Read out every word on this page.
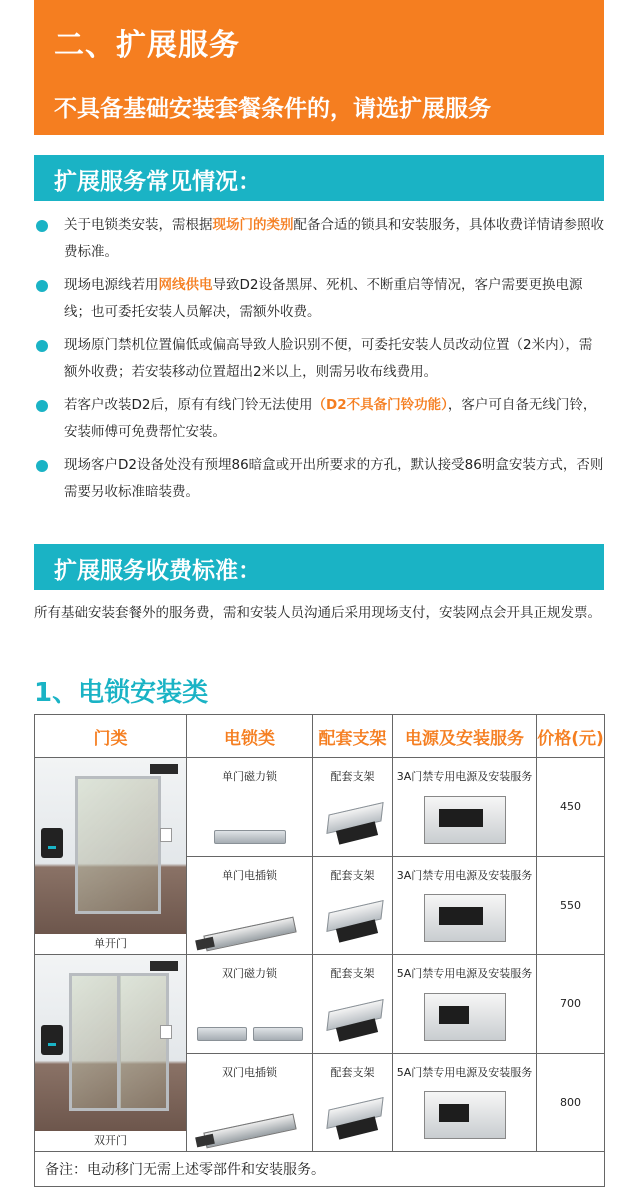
二、扩展服务
不具备基础安装套餐条件的，请选扩展服务
扩展服务常见情况：
关于电锁类安装，需根据现场门的类别配备合适的锁具和安装服务，具体收费详情请参照收费标准。
现场电源线若用网线供电导致D2设备黑屏、死机、不断重启等情况，客户需要更换电源线；也可委托安装人员解决，需额外收费。
现场原门禁机位置偏低或偏高导致人脸识别不便，可委托安装人员改动位置（2米内），需额外收费；若安装移动位置超出2米以上，则需另收布线费用。
若客户改装D2后，原有有线门铃无法使用（D2不具备门铃功能），客户可自备无线门铃，安装师傅可免费帮忙安装。
现场客户D2设备处没有预埋86暗盒或开出所要求的方孔，默认接受86明盒安装方式，否则需要另收标准暗装费。
扩展服务收费标准：
所有基础安装套餐外的服务费，需和安装人员沟通后采用现场支付，安装网点会开具正规发票。
1、电锁安装类
门类	电锁类	配套支架	电源及安装服务	价格(元)

单开门	单门磁力锁	配套支架	3A门禁专用电源及安装服务	450

	单门电插锁	配套支架	3A门禁专用电源及安装服务	550

双开门	双门磁力锁	配套支架	5A门禁专用电源及安装服务	700

	双门电插锁	配套支架	5A门禁专用电源及安装服务	800
备注：电动移门无需上述零部件和安装服务。				
